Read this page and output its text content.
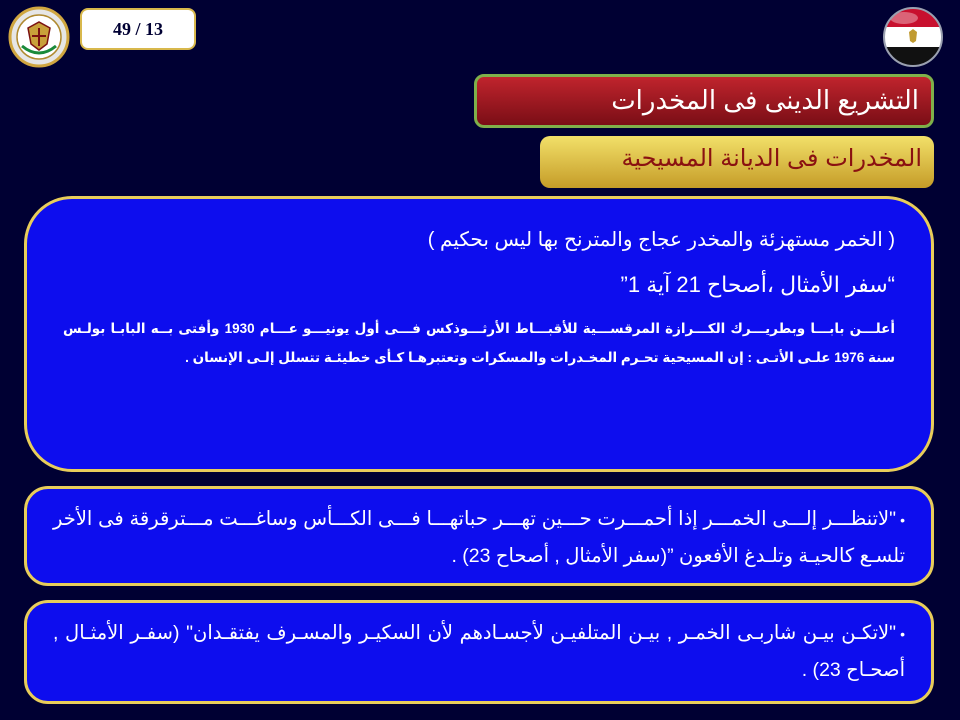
49 / 13
التشريع الدينى فى المخدرات
المخدرات فى الديانة المسيحية

( الخمر مستهزئة والمخدر عجاج والمترنح بها ليس بحكيم )

“سفر الأمثال ،أصحاح 21 آية 1”

أعلـــن بابـــا وبطريـــرك الكـــرازة المرقســـية للأقبـــاط الأرثـــوذكس فـــى أول يونيـــو عـــام 1930 وأفتى بــه البابـا بولـس سنة 1976 علـى الأتـى : إن المسيحية تحـرم المخـدرات والمسكرات وتعتبرهـا كـأى خطيئـة تتسلل إلـى الإنسان .

•"لاتنظـــر إلـــى الخمـــر إذا أحمـــرت حـــين تهـــر حباتهـــا فـــى الكـــأس وساغـــت مـــترقرقة فى الأخر تلسـع كالحيـة وتلـدغ الأفعون ”(سفر الأمثال , أصحاح 23) .

•"لاتكـن بيـن شاربـى الخمـر , بيـن المتلفيـن لأجسـادهم لأن السكيـر والمسـرف يفتقـدان" (سفـر الأمثـال , أصحـاح 23) .
